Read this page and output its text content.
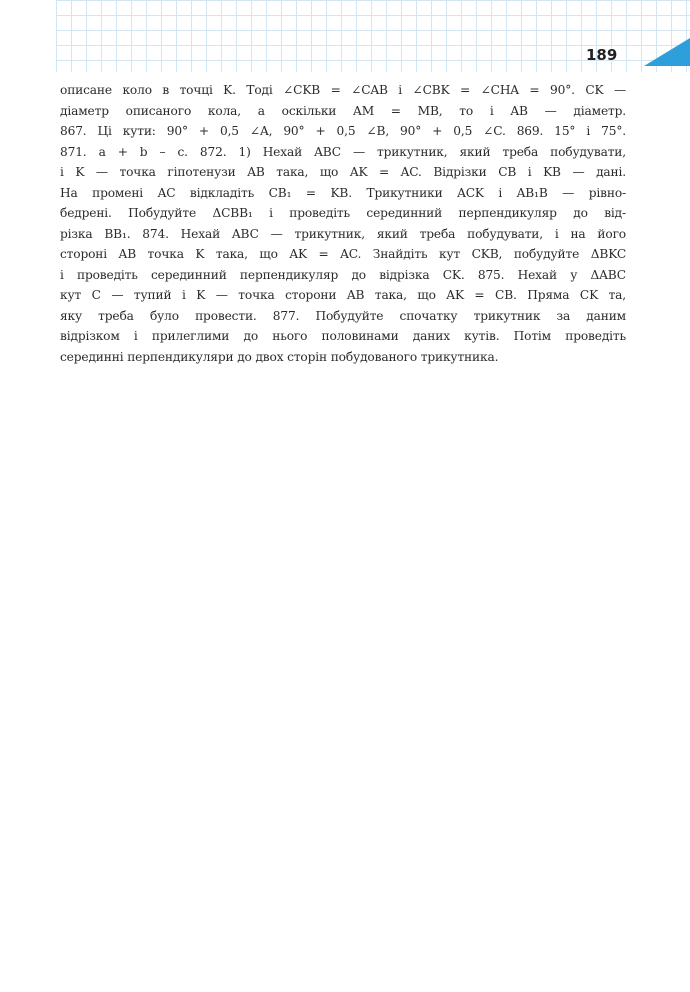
189
описане коло в точці K. Тоді ∠CKB = ∠CAB і ∠CBK = ∠CHA = 90°. CK —
діаметр описаного кола, а оскільки AM = MB, то і AB — діаметр.
867. Ці кути: 90° + 0,5 ∠A, 90° + 0,5 ∠B, 90° + 0,5 ∠C. 869. 15° і 75°.
871. a + b – c. 872. 1) Нехай ABC — трикутник, який треба побудувати,
і K — точка гіпотенузи AB така, що AK = AC. Відрізки CB і KB — дані.
На промені AC відкладіть CB₁ = KB. Трикутники ACK і AB₁B — рівно-
бедрені. Побудуйте ΔCBB₁ і проведіть серединний перпендикуляр до від-
різка BB₁. 874. Нехай ABC — трикутник, який треба побудувати, і на його
стороні AB точка K така, що AK = AC. Знайдіть кут CKB, побудуйте ΔBKC
і проведіть серединний перпендикуляр до відрізка CK. 875. Нехай у ΔABC
кут C — тупий і K — точка сторони AB така, що AK = CB. Пряма CK та,
яку треба було провести. 877. Побудуйте спочатку трикутник за даним
відрізком і прилеглими до нього половинами даних кутів. Потім проведіть
серединні перпендикуляри до двох сторін побудованого трикутника.
